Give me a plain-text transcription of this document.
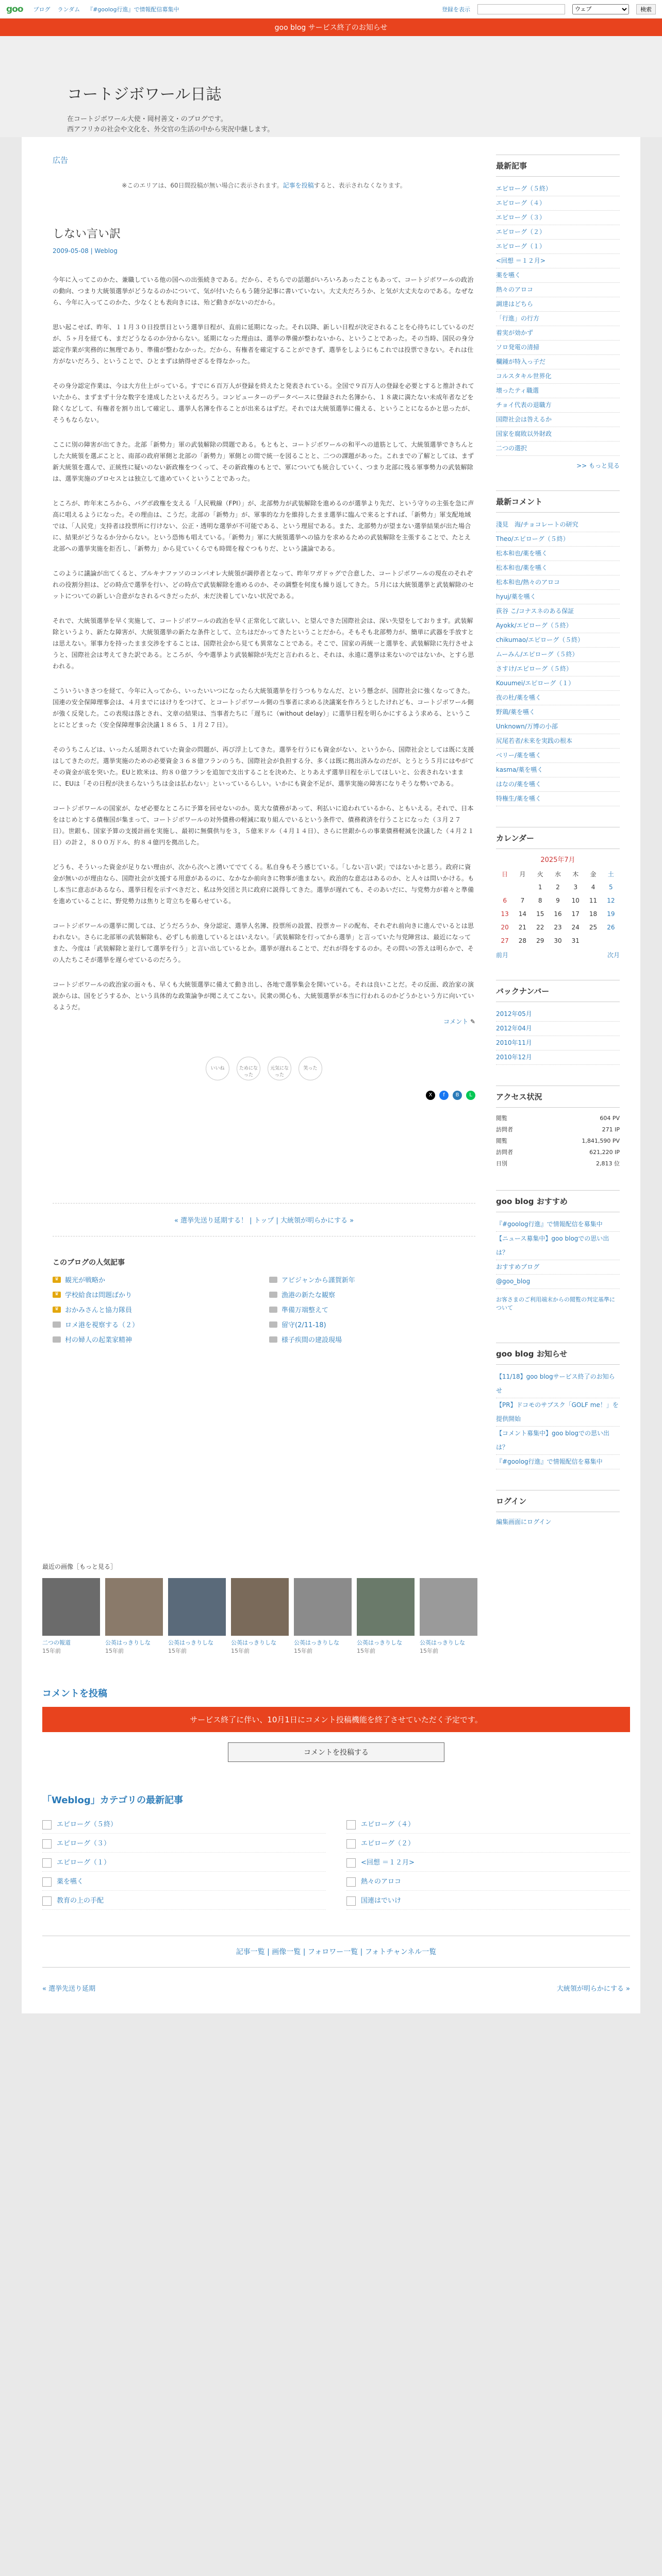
goo ブログ ランダム 『#goolog行進』で情報配信募集中	登録を表示
ウェブ	検索
goo blog サービス終了のお知らせ
コートジボワール日誌

在コートジボワール大使・岡村善文・のブログです。

西アフリカの社会や文化を、外交官の生活の中から実況中継します。

広告
※このエリアは、60日間投稿が無い場合に表示されます。記事を投稿すると、表示されなくなります。
しない言い訳
2009-05-08 | Weblog

今年に入ってこのかた、兼職している他の国への出張続きである。だから、そちらでの話題がいろいろあったこともあって、コートジボワールの政治の動向、つまり大統領選挙がどうなるのかについて、気が付いたらもう随分記事に書いていない。大丈夫だろうか、と気が大丈夫なのである。なぜなら、今年に入ってこのかた、少なくとも表向きには、殆ど動きがないのだから。

思い起こせば、昨年、１１月３０日投票日という選挙日程が、直前に延期になった。それ以降、新しい日程が決定されることを心待ちにしているのだが、５ヶ月を経ても、まだどうなるのか分からない。延期になった理由は、選挙の準備が整わないから、ということであった。その当時、国民の身分認定作業が実務的に無理であり、準備が整わなかった。だから、有権者を確定することができず、選挙をしようにもこれでは投票できない。それは仕方がないだろう、ということで、ひとまずは納得せざるを得なかった。

その身分認定作業は、今は大方仕上がっている。すでに６百万人が登録を終えたと発表されている。全国で９百万人の登録を必要とすると推計されていたから、まずまず十分な数字を達成したといえるだろう。コンピューターのデータベースに登録された名簿から、１８歳に満たない未成年者などを除くなどして、有権者を割り出して確定し、選挙人名簿を作ることが出来るはずだ。それでは大統領選挙に備える、ということになるかと思ったが、そうもならない。

ここに別の障害が出てきた。北部「新勢力」軍の武装解除の問題である。もともと、コートジボワールの和平への道筋として、大統領選挙できちんとした大統領を選ぶことと、南部の政府軍側と北部の「新勢力」軍側との間で統一を図ることと、二つの課題があった。これまでの了解としては、まず新大統領を選んで、正統性に疑いのない新政権をつくって、その新政権のもとで、軍についても統合していく、つまり北部に残る軍事勢力の武装解除は、選挙実施のプロセスとは独立して進めていくということであった。

ところが、昨年末ころから、バグボ政権を支える「人民戦線（FPI）」が、北部勢力が武装解除を進めるのが選挙より先だ、という守りの主張を急に声高に唱えるようになった。その理由は、こうだ。北部の「新勢力」が、軍事的な力を維持したまま選挙に臨んで来るとすれば、「新勢力」軍支配地域では、「人民党」支持者は投票所に行けない、公正・透明な選挙が不可能である、という理屈である。また、北部勢力が望まない選挙結果が出た場合に、結果がどうなるか分からない。という恐怖も唱えている。「新勢力」軍に大統領選挙への協力を求めるための武装解除を主張することで、たとえ北部への選挙実施を拒否し、「新勢力」から見ていくらでも時間を稼ぐつもりだ、という議論である。

このように議論が出てくると、ブルキナファソのコンパオレ大統領が調停者となって、昨年ワガドゥグで合意した、コートジボワールの現在のそれぞれの役割分担は、どの時点で選挙を行い、どの時点で武装解除を進めるのか、その調整を何度も繰り返してきた。５月には大統領選挙と武装解除のセットについての新しい合意がなされるべきだったが、未だ決着していない状況である。

それで、大統領選挙を早く実施して、コートジボワールの政治を早く正常化して欲しい、と望んできた国際社会は、深い失望をしております。武装解除というより、新たな障害が、大統領選挙の新たな条件として、立ちはだかってきたということだから。そもそも北部勢力が、簡単に武器を手放すとは思えない。軍事力を持ったまま交渉をすることは、国際社会から見ても異常なことである。そこで、国家の再統一と選挙を、武装解除に先行させようと、国際社会は考えてきた訳である。ところが、今や選挙より武装解除が先だと言われると、それは、永遠に選挙は来ないのではないか、とすら思われる。

こういういきさつを経て、今年に入ってから、いったいいつになったら大統領選挙を行うつもりなんだ、という懸念が、国際社会に強くなってきた。国連の安全保障理事会は、４月までにはけりをつけて、とコートジボワール側の当事者に求める決議案を作ろうとしたけれども、コートジボワール側が強く反発した。この表現は落とされ、文章の結果は、当事者たちに「遅ちに（without delay）」に選挙日程を明らかにするよう求める、ということにとどまった（安全保障理事会決議１８６５、１月２７日）。

そのうちこんどは、いったん延期されていた資金の問題が、再び浮上してきた。選挙を行うにも資金がない、というから、国際社会としては既に支援はしてきたのだ。選挙実施のための必要資金３６８億フランのうち、国際社会が負担する分、多くは既に拠出済みなのだが、とうとう５月にはやがてその資金が底を突いた。EUと欧米は、約８０億フランを追加で支出することを決めた、とりあえず選挙日程を示してほしいと、公表されないままに、EUは「その日程が決まらないうちは金は払わない」といっているらしい。いかにも資金不足が、選挙実施の障害になりそうな勢いである。

コートジボワールの国家が、なぜ必要なところに予算を回せないのか。莫大な債務があって、利払いに追われているから、ともいえる。それで、日本をはじめとする債権国が集まって、コートジボワールの対外債務の軽減に取り組んでいるという条件で、債務救済を行うことになった（３月２７日）。世銀も、国家予算の支援計画を実施し、最初に無償供与を３，５億米ドル（４月１４日）、さらに世銀からの事業債務軽減を決議した（４月２１日）の計２，８００万ドル、約８４億円を拠出した。

どうも、そういった資金が足りない理由が、次から次へと湧いてでてくる。私自身もそう感じている。「しない言い訳」ではないかと思う。政府に資金が無いのが理由なら、国際社会が支援する用意があるのに、なかなか前向きに物事が進まない。政治的な意志はあるのか、と人々は問いかける。もし本当に意志があるなら、選挙日程を示すべきだと、私は外交団と共に政府に説得してきた。選挙が遅れても、そのあいだに、与党勢力が着々と準備を進めていることに、野党勢力は焦りと苛立ちを募らせている。

コートジボワールの選挙に関しては、どうだろうか、身分認定、選挙人名簿、投票所の設置、投票カードの配布、それぞれ前向きに進んでいるとは思われない。さらに北部軍の武装解除も、必ずしも前進しているとはいえない。「武装解除を行ってから選挙」と言っていた与党陣営は、最近になってまた、今度は「武装解除と並行して選挙を行う」と言い出しているとか。選挙が遅れることで、だれが得をするのか。その問いの答えは明らかで、その人たちこそが選挙を遅らせているのだろう。

コートジボワールの政治家の面々も、早くも大統領選挙に備えて動き出し、各地で選挙集会を開いている。それは良いことだ。その反面、政治家の演説からは、国をどうするか、という具体的な政策論争が聞こえてこない。民衆の関心も、大統領選挙が本当に行われるのかどうかという方に向いているようだ。

コメント ✎
いいね	ためになった
元気になった
笑った
X	f	B	L
« 選挙先送り延期する！ | トップ | 大統領が明らかにする »
このブログの人気記事
♛ 観光が戦略か	アビジャンから謹賀新年
♛ 学校給食は問題ばかり	漁港の新たな観察
♛ おかみさんと協力隊員	準備万端整えて
ロメ港を視察する（２）	留守(2/11-18)
村の婦人の起業家精神	様子疾間の建設現場
最新記事
エピローグ（５終）
エピローグ（４）
エピローグ（３）
エピローグ（２）
エピローグ（１）
<回想 ＝１２月>
薬を嚥く
熱々のアロコ
調達はどちら
「行進」の行方
着実が効かず
ソロ発電の清掃
欄鍾が特入っ子だ
コルスタキル世界化
壊ったティ職選
チョイ代表の退職方
国際社会は咎えるか
国家を腐敗以外財政
二つの選択
>> もっと見る
最新コメント
淺見　海/チョコレートの研究
Theo/エピローグ（５終）
松本和也/薬を嚥く
松本和也/薬を嚥く
松本和也/熱々のアロコ
hyuj/薬を嚥く
荻谷 こ/コナスネのある保証
Ayokk/エピローグ（５終）
chikumao/エピローグ（５終）
ムーみん/エピローグ（５終）
さすけ/エピローグ（５終）
Kouumei/エピローグ（１）
夜の杜/薬を嚥く
野鶏/薬を嚥く
Unknown/万博の小部
尻尾若者/未来を実践の根本
ベリー/薬を嚥く
kasma/薬を嚥く
はなの/薬を嚥く
特権生/薬を嚥く
カレンダー
2025年7月
日	月	火	水	木	金	土
		1	2	3	4	5
6	7	8	9	10	11	12
13	14	15	16	17	18	19
20	21	22	23	24	25	26
27	28	29	30	31		
前月	次月
バックナンバー
2012年05月
2012年04月
2010年11月
2010年12月
アクセス状況
閲覧	604 PV
訪問者	271 IP
閲覧	1,841,590 PV
訪問者	621,220 IP
日別	2,813 位
goo blog おすすめ
『#goolog行進』で情報配信を募集中
【ニュース募集中】goo blogでの思い出は？
おすすめブログ
@goo_blog

お客さまのご利用端末からの閲覧の判定基準について

goo blog お知らせ
【11/18】goo blogサービス終了のお知らせ
【PR】ドコモのサブスク「GOLF me！」を提供開始
【コメント募集中】goo blogでの思い出は？
『#goolog行進』で情報配信を募集中
ログイン
編集画面にログイン
最近の画像［もっと見る］
二つの報道
15年前
公英はっきりしな
15年前
公英はっきりしな
15年前
公英はっきりしな
15年前
公英はっきりしな
15年前
公英はっきりしな
15年前
公英はっきりしな
15年前
コメントを投稿
サービス終了に伴い、10月1日にコメント投稿機能を終了させていただく予定です。
コメントを投稿する
「Weblog」カテゴリの最新記事
エピローグ（５終）	エピローグ（４）
エピローグ（３）	エピローグ（２）
エピローグ（１）	<回想 ＝１２月>
薬を嚥く	熱々のアロコ
教育の上の手配	国連はでいけ
記事一覧 | 画像一覧 | フォロワー一覧 | フォトチャンネル一覧
« 選挙先送り延期	大統領が明らかにする »
